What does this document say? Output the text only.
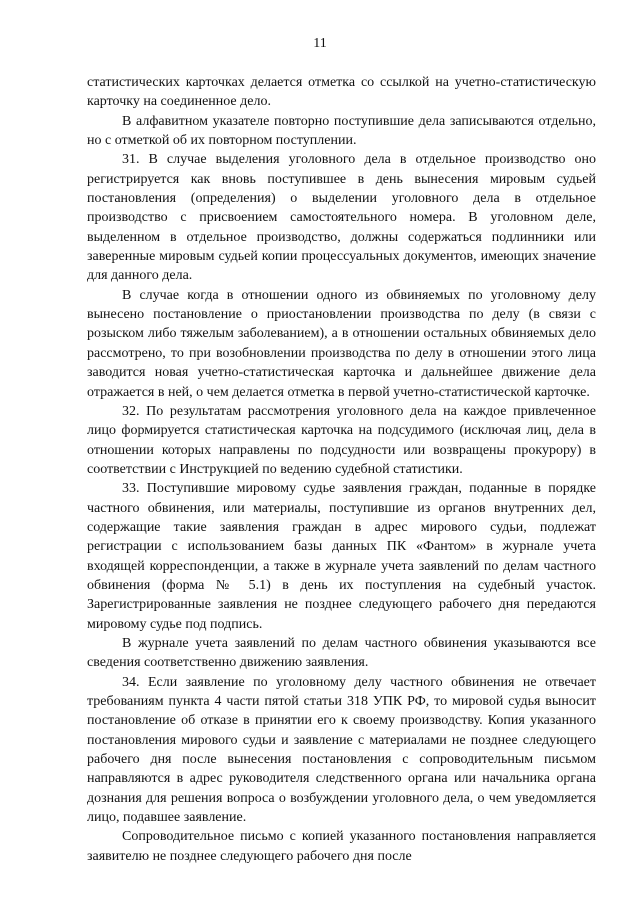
11

статистических карточках делается отметка со ссылкой на учетно-статистическую карточку на соединенное дело.

В алфавитном указателе повторно поступившие дела записываются отдельно, но с отметкой об их повторном поступлении.

31. В случае выделения уголовного дела в отдельное производство оно регистрируется как вновь поступившее в день вынесения мировым судьей постановления (определения) о выделении уголовного дела в отдельное производство с присвоением самостоятельного номера. В уголовном деле, выделенном в отдельное производство, должны содержаться подлинники или заверенные мировым судьей копии процессуальных документов, имеющих значение для данного дела.

В случае когда в отношении одного из обвиняемых по уголовному делу вынесено постановление о приостановлении производства по делу (в связи с розыском либо тяжелым заболеванием), а в отношении остальных обвиняемых дело рассмотрено, то при возобновлении производства по делу в отношении этого лица заводится новая учетно-статистическая карточка и дальнейшее движение дела отражается в ней, о чем делается отметка в первой учетно-статистической карточке.

32. По результатам рассмотрения уголовного дела на каждое привлеченное лицо формируется статистическая карточка на подсудимого (исключая лиц, дела в отношении которых направлены по подсудности или возвращены прокурору) в соответствии с Инструкцией по ведению судебной статистики.

33. Поступившие мировому судье заявления граждан, поданные в порядке частного обвинения, или материалы, поступившие из органов внутренних дел, содержащие такие заявления граждан в адрес мирового судьи, подлежат регистрации с использованием базы данных ПК «Фантом» в журнале учета входящей корреспонденции, а также в журнале учета заявлений по делам частного обвинения (форма № 5.1) в день их поступления на судебный участок. Зарегистрированные заявления не позднее следующего рабочего дня передаются мировому судье под подпись.

В журнале учета заявлений по делам частного обвинения указываются все сведения соответственно движению заявления.

34. Если заявление по уголовному делу частного обвинения не отвечает требованиям пункта 4 части пятой статьи 318 УПК РФ, то мировой судья выносит постановление об отказе в принятии его к своему производству. Копия указанного постановления мирового судьи и заявление с материалами не позднее следующего рабочего дня после вынесения постановления с сопроводительным письмом направляются в адрес руководителя следственного органа или начальника органа дознания для решения вопроса о возбуждении уголовного дела, о чем уведомляется лицо, подавшее заявление.

Сопроводительное письмо с копией указанного постановления направляется заявителю не позднее следующего рабочего дня после
